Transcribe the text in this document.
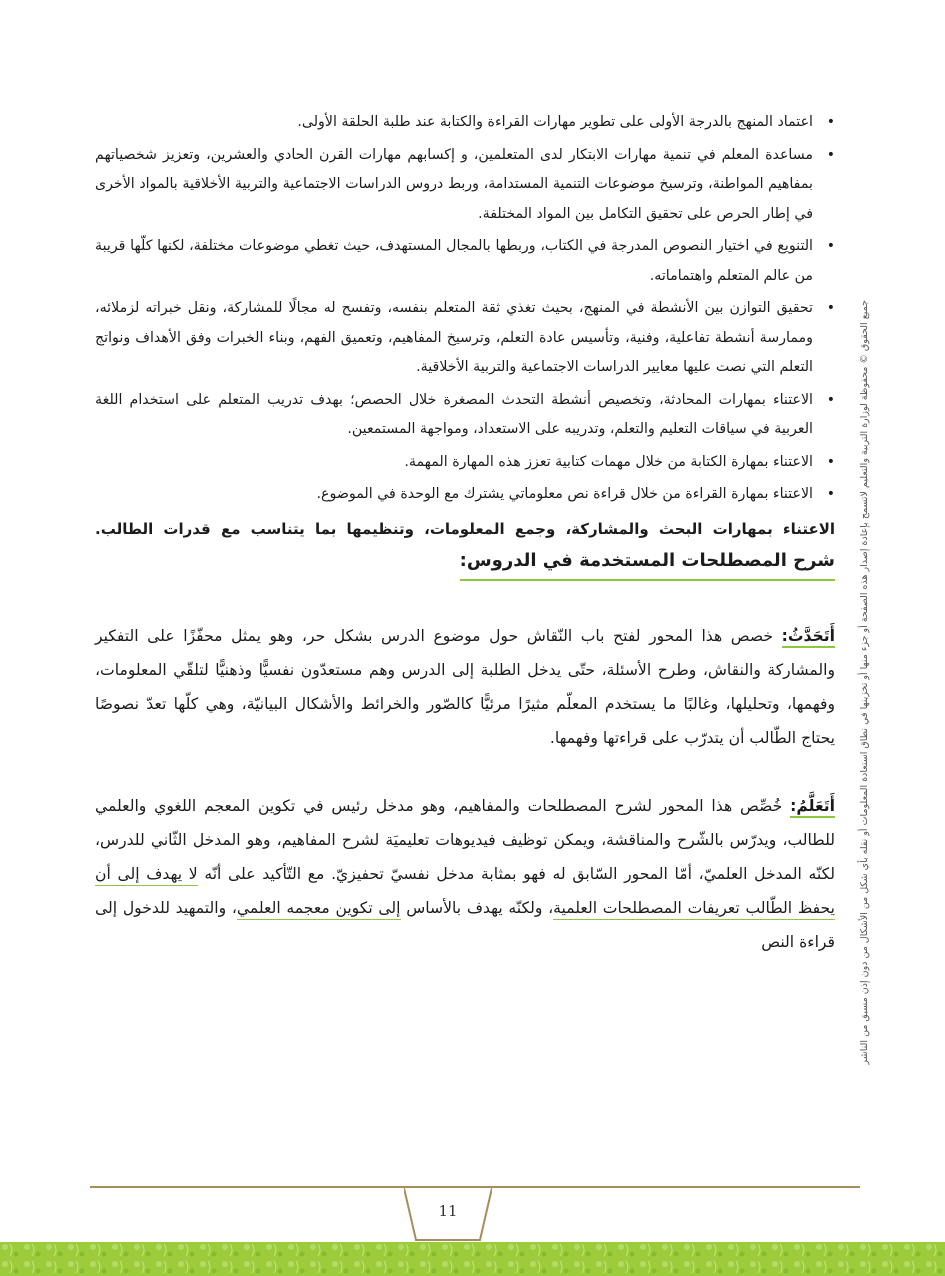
جميع الحقوق © محفوظة لوزارة التربية والتعليم لاتسمح بإعادة إصدار هذه الصفحة أو جزء منها أو تخزينها في نطاق استعادة المعلومات أو نقله بأي شكل من الأشكال من دون إذن مسبق من الناشر
• اعتماد المنهج بالدرجة الأولى على تطوير مهارات القراءة والكتابة عند طلبة الحلقة الأولى.
• مساعدة المعلم في تنمية مهارات الابتكار لدى المتعلمين، و إكسابهم مهارات القرن الحادي والعشرين، وتعزيز شخصياتهم بمفاهيم المواطنة، وترسيخ موضوعات التنمية المستدامة، وربط دروس الدراسات الاجتماعية والتربية الأخلاقية بالمواد الأخرى في إطار الحرص على تحقيق التكامل بين المواد المختلفة.
• التنويع في اختيار النصوص المدرجة في الكتاب، وربطها بالمجال المستهدف، حيث تغطي موضوعات مختلفة، لكنها كلّها قريبة من عالم المتعلم واهتماماته.
• تحقيق التوازن بين الأنشطة في المنهج، بحيث تغذي ثقة المتعلم بنفسه، وتفسح له مجالًا للمشاركة، ونقل خبراته لزملائه، وممارسة أنشطة تفاعلية، وفنية، وتأسيس عادة التعلم، وترسيخ المفاهيم، وتعميق الفهم، وبناء الخبرات وفق الأهداف ونواتج التعلم التي نصت عليها معايير الدراسات الاجتماعية والتربية الأخلاقية.
• الاعتناء بمهارات المحادثة، وتخصيص أنشطة التحدث المصغرة خلال الحصص؛ بهدف تدريب المتعلم على استخدام اللغة العربية في سياقات التعليم والتعلم، وتدريبه على الاستعداد، ومواجهة المستمعين.
• الاعتناء بمهارة الكتابة من خلال مهمات كتابية تعزز هذه المهارة المهمة.
• الاعتناء بمهارة القراءة من خلال قراءة نص معلوماتي يشترك مع الوحدة في الموضوع.

الاعتناء بمهارات البحث والمشاركة، وجمع المعلومات، وتنظيمها بما يتناسب مع قدرات الطالب.

شرح المصطلحات المستخدمة في الدروس:

أَتَحَدَّثُ: خصص هذا المحور لفتح باب النّقاش حول موضوع الدرس بشكل حر، وهو يمثل محفّزًا على التفكير والمشاركة والنقاش، وطرح الأسئلة، حتّى يدخل الطلبة إلى الدرس وهم مستعدّون نفسيًّا وذهنيًّا لتلقّي المعلومات، وفهمها، وتحليلها، وغالبًا ما يستخدم المعلّم مثيرًا مرئيًّا كالصّور والخرائط والأشكال البيانيّة، وهي كلّها تعدّ نصوصًا يحتاج الطّالب أن يتدرّب على قراءتها وفهمها.

أَتَعَلَّمُ: خُصِّص هذا المحور لشرح المصطلحات والمفاهيم، وهو مدخل رئيس في تكوين المعجم اللغوي والعلمي للطالب، ويدرّس بالشّرح والمناقشة، ويمكن توظيف فيديوهات تعليميَة لشرح المفاهيم، وهو المدخل الثّاني للدرس، لكنّه المدخل العلميّ، أمّا المحور السّابق له فهو بمثابة مدخل نفسيّ تحفيزيّ. مع التّأكيد على أنّه لا يهدف إلى أن يحفظ الطّالب تعريفات المصطلحات العلمية، ولكنّه يهدف بالأساس إلى تكوين معجمه العلمي، والتمهيد للدخول إلى قراءة النص

11
